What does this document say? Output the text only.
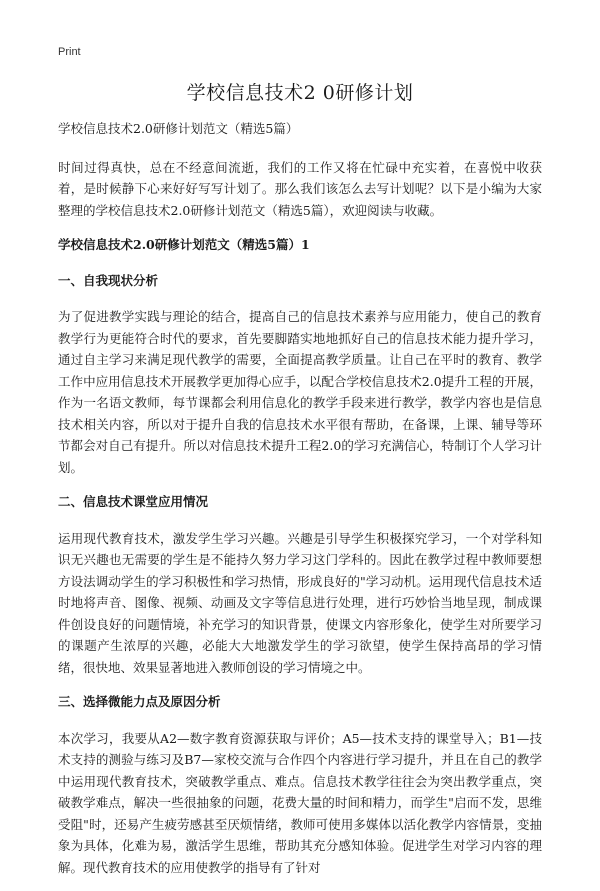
Print
学校信息技术2 0研修计划

学校信息技术2.0研修计划范文（精选5篇）

时间过得真快，总在不经意间流逝，我们的工作又将在忙碌中充实着，在喜悦中收获着，是时候静下心来好好写写计划了。那么我们该怎么去写计划呢？以下是小编为大家整理的学校信息技术2.0研修计划范文（精选5篇），欢迎阅读与收藏。

学校信息技术2.0研修计划范文（精选5篇）1

一、自我现状分析

为了促进教学实践与理论的结合，提高自己的信息技术素养与应用能力，使自己的教育教学行为更能符合时代的要求，首先要脚踏实地地抓好自己的信息技术能力提升学习，通过自主学习来满足现代教学的需要，全面提高教学质量。让自己在平时的教育、教学工作中应用信息技术开展教学更加得心应手，以配合学校信息技术2.0提升工程的开展，作为一名语文教师，每节课都会利用信息化的教学手段来进行教学，教学内容也是信息技术相关内容，所以对于提升自我的信息技术水平很有帮助，在备课，上课、辅导等环节都会对自己有提升。所以对信息技术提升工程2.0的学习充满信心，特制订个人学习计划。

二、信息技术课堂应用情况

运用现代教育技术，激发学生学习兴趣。兴趣是引导学生积极探究学习，一个对学科知识无兴趣也无需要的学生是不能持久努力学习这门学科的。因此在教学过程中教师要想方设法调动学生的学习积极性和学习热情，形成良好的"学习动机。运用现代信息技术适时地将声音、图像、视频、动画及文字等信息进行处理，进行巧妙恰当地呈现，制成课件创设良好的问题情境，补充学习的知识背景，使课文内容形象化，使学生对所要学习的课题产生浓厚的兴趣，必能大大地激发学生的学习欲望，使学生保持高昂的学习情绪，很快地、效果显著地进入教师创设的学习情境之中。

三、选择微能力点及原因分析

本次学习，我要从A2—数字教育资源获取与评价；A5—技术支持的课堂导入；B1—技术支持的测验与练习及B7—家校交流与合作四个内容进行学习提升，并且在自己的教学中运用现代教育技术，突破教学重点、难点。信息技术教学往往会为突出教学重点，突破教学难点，解决一些很抽象的问题，花费大量的时间和精力，而学生"启而不发，思维受阻"时，还易产生疲劳感甚至厌烦情绪，教师可使用多媒体以活化教学内容情景，变抽象为具体，化难为易，激活学生思维，帮助其充分感知体验。促进学生对学习内容的理解。现代教育技术的应用使教学的指导有了针对
